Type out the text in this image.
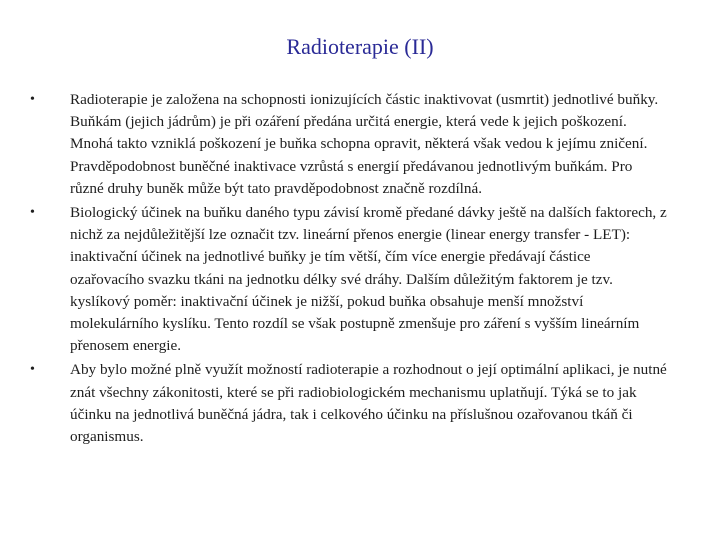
Radioterapie (II)
• Radioterapie je založena na schopnosti ionizujících částic inaktivovat (usmrtit) jednotlivé buňky. Buňkám (jejich jádrům) je při ozáření předána určitá energie, která vede k jejich poškození. Mnohá takto vzniklá poškození je buňka schopna opravit, některá však vedou k jejímu zničení. Pravděpodobnost buněčné inaktivace vzrůstá s energií předávanou jednotlivým buňkám. Pro různé druhy buněk může být tato pravděpodobnost značně rozdílná.
• Biologický účinek na buňku daného typu závisí kromě předané dávky ještě na dalších faktorech, z nichž za nejdůležitější lze označit tzv. lineární přenos energie (linear energy transfer - LET): inaktivační účinek na jednotlivé buňky je tím větší, čím více energie předávají částice ozařovacího svazku tkáni na jednotku délky své dráhy. Dalším důležitým faktorem je tzv. kyslíkový poměr: inaktivační účinek je nižší, pokud buňka obsahuje menší množství molekulárního kyslíku. Tento rozdíl se však postupně zmenšuje pro záření s vyšším lineárním přenosem energie.
• Aby bylo možné plně využít možností radioterapie a rozhodnout o její optimální aplikaci, je nutné znát všechny zákonitosti, které se při radiobiologickém mechanismu uplatňují. Týká se to jak účinku na jednotlivá buněčná jádra, tak i celkového účinku na příslušnou ozařovanou tkáň či organismus.
